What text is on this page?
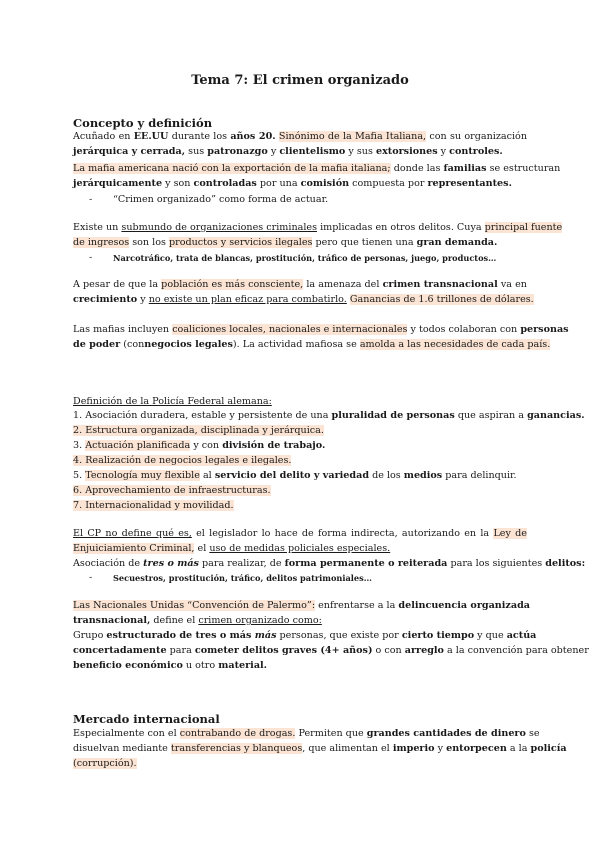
Tema 7: El crimen organizado
Concepto y definición
Acuñado en EE.UU durante los años 20. Sinónimo de la Mafia Italiana, con su organización
jerárquica y cerrada, sus patronazgo y clientelismo y sus extorsiones y controles.
La mafia americana nació con la exportación de la mafia italiana; donde las familias se estructuran
jerárquicamente y son controladas por una comisión compuesta por representantes.
- “Crimen organizado” como forma de actuar.
Existe un submundo de organizaciones criminales implicadas en otros delitos. Cuya principal fuente
de ingresos son los productos y servicios ilegales pero que tienen una gran demanda.
-	Narcotráfico, trata de blancas, prostitución, tráfico de personas, juego, productos…
A pesar de que la población es más consciente, la amenaza del crimen transnacional va en
crecimiento y no existe un plan eficaz para combatirlo. Ganancias de 1.6 trillones de dólares.
Las mafias incluyen coaliciones locales, nacionales e internacionales y todos colaboran con personas
de poder (connegocios legales). La actividad mafiosa se amolda a las necesidades de cada país.
Definición de la Policía Federal alemana:
1. Asociación duradera, estable y persistente de una pluralidad de personas que aspiran a ganancias.
2. Estructura organizada, disciplinada y jerárquica.
3. Actuación planificada y con división de trabajo.
4. Realización de negocios legales e ilegales.
5. Tecnología muy flexible al servicio del delito y variedad de los medios para delinquir.
6. Aprovechamiento de infraestructuras.
7. Internacionalidad y movilidad.
El CP no define qué es, el legislador lo hace de forma indirecta, autorizando en la Ley de
Enjuiciamiento Criminal, el uso de medidas policiales especiales.
Asociación de tres o más para realizar, de forma permanente o reiterada para los siguientes delitos:
-	Secuestros, prostitución, tráfico, delitos patrimoniales…
Las Nacionales Unidas “Convención de Palermo”: enfrentarse a la delincuencia organizada
transnacional, define el crimen organizado como:
Grupo estructurado de tres o más más personas, que existe por cierto tiempo y que actúa
concertadamente para cometer delitos graves (4+ años) o con arreglo a la convención para obtener
beneficio económico u otro material.
Mercado internacional
Especialmente con el contrabando de drogas. Permiten que grandes cantidades de dinero se
disuelvan mediante transferencias y blanqueos, que alimentan el imperio y entorpecen a la policía
(corrupción).
